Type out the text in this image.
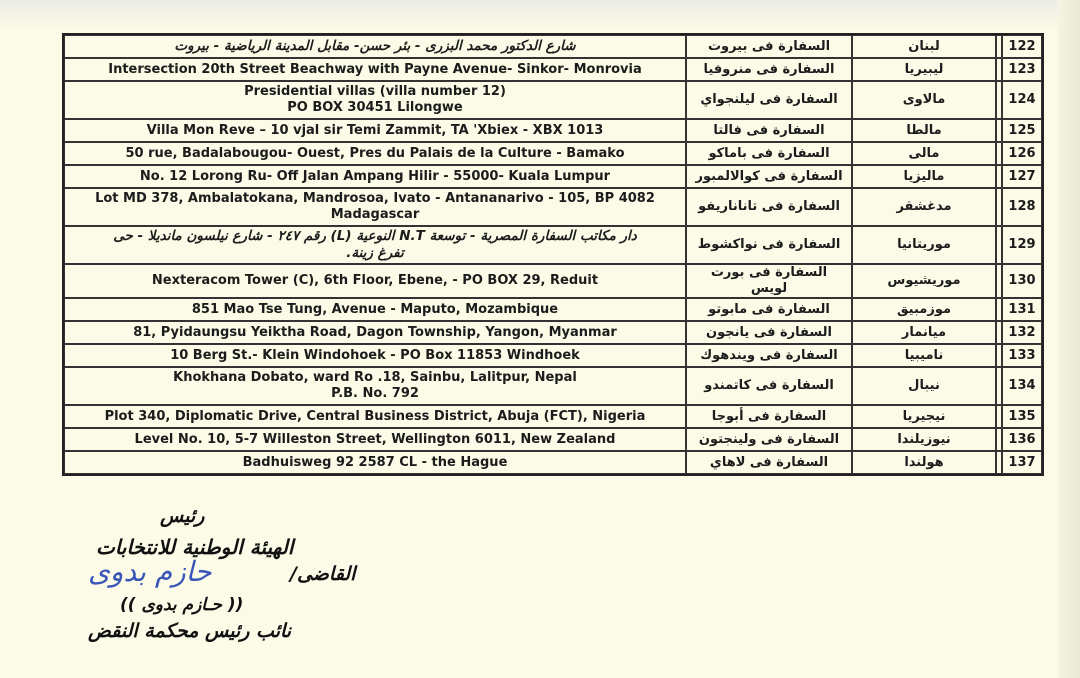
شارع الدكتور محمد البزرى - بئر حسن- مقابل المدينة الرياضية - بيروت	السفارة فى بيروت	لبنان		122

Intersection 20th Street Beachway with Payne Avenue- Sinkor- Monrovia	السفارة فى منروفيا	ليبيريا		123

Presidential villas (villa number 12)
PO BOX 30451 Lilongwe	السفارة فى ليلنجواي	مالاوى		124

Villa Mon Reve – 10 vjal sir Temi Zammit, TA 'Xbiex - XBX 1013	السفارة فى فالتا	مالطا		125

50 rue, Badalabougou- Ouest, Pres du Palais de la Culture - Bamako	السفارة فى باماكو	مالى		126

No. 12 Lorong Ru- Off Jalan Ampang Hilir - 55000- Kuala Lumpur	السفارة فى كوالالمبور	ماليزيا		127

Lot MD 378, Ambalatokana, Mandrosoa, Ivato - Antananarivo - 105, BP 4082
Madagascar	السفارة فى تاناناريفو	مدغشقر		128

دار مكاتب السفارة المصرية - توسعة N.T النوعية (L) رقم ٢٤٧ - شارع نيلسون مانديلا - حى
تفرغ زينة.	السفارة فى نواكشوط	موريتانيا		129

Nexteracom Tower (C), 6th Floor, Ebene, - PO BOX 29, Reduit	السفارة فى بورت لويس	موريشيوس		130

851 Mao Tse Tung, Avenue - Maputo, Mozambique	السفارة فى مابوتو	موزمبيق		131

81, Pyidaungsu Yeiktha Road, Dagon Township, Yangon, Myanmar	السفارة فى يانجون	ميانمار		132

10 Berg St.- Klein Windohoek - PO Box 11853 Windhoek	السفارة فى ويندهوك	ناميبيا		133

Khokhana Dobato, ward Ro .18, Sainbu, Lalitpur, Nepal
P.B. No. 792	السفارة فى كاتمندو	نيبال		134

Plot 340, Diplomatic Drive, Central Business District, Abuja (FCT), Nigeria	السفارة فى أبوجا	نيجيريا		135

Level No. 10, 5-7 Willeston Street, Wellington 6011, New Zealand	السفارة فى ولينجتون	نيوزيلندا		136

Badhuisweg 92 2587 CL - the Hague	السفارة فى لاهاي	هولندا		137
رئيس
الهيئة الوطنية للانتخابات
القاضى/
حازم بدوى
(( حـازم بدوى ))
نائب رئيس محكمة النقض
